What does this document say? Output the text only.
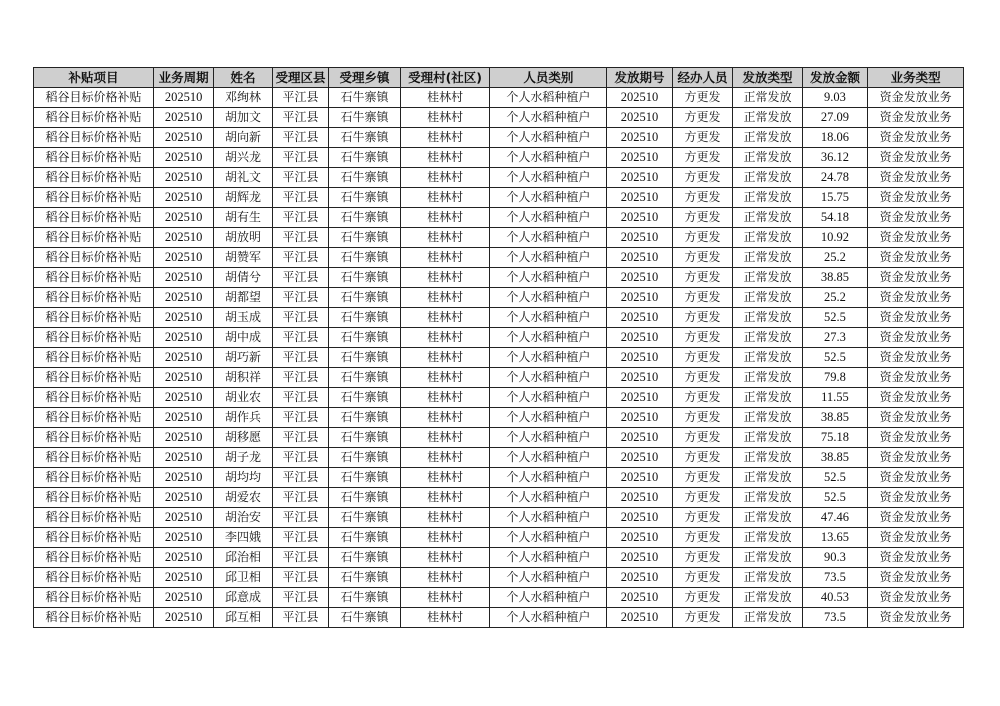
补贴项目	业务周期	姓名	受理区县	受理乡镇	受理村(社区)	人员类别	发放期号	经办人员	发放类型	发放金额	业务类型
稻谷目标价格补贴	202510	邓绚林	平江县	石牛寨镇	桂林村	个人水稻种植户	202510	方更发	正常发放	9.03	资金发放业务
稻谷目标价格补贴	202510	胡加文	平江县	石牛寨镇	桂林村	个人水稻种植户	202510	方更发	正常发放	27.09	资金发放业务
稻谷目标价格补贴	202510	胡向新	平江县	石牛寨镇	桂林村	个人水稻种植户	202510	方更发	正常发放	18.06	资金发放业务
稻谷目标价格补贴	202510	胡兴龙	平江县	石牛寨镇	桂林村	个人水稻种植户	202510	方更发	正常发放	36.12	资金发放业务
稻谷目标价格补贴	202510	胡礼文	平江县	石牛寨镇	桂林村	个人水稻种植户	202510	方更发	正常发放	24.78	资金发放业务
稻谷目标价格补贴	202510	胡辉龙	平江县	石牛寨镇	桂林村	个人水稻种植户	202510	方更发	正常发放	15.75	资金发放业务
稻谷目标价格补贴	202510	胡有生	平江县	石牛寨镇	桂林村	个人水稻种植户	202510	方更发	正常发放	54.18	资金发放业务
稻谷目标价格补贴	202510	胡放明	平江县	石牛寨镇	桂林村	个人水稻种植户	202510	方更发	正常发放	10.92	资金发放业务
稻谷目标价格补贴	202510	胡赞军	平江县	石牛寨镇	桂林村	个人水稻种植户	202510	方更发	正常发放	25.2	资金发放业务
稻谷目标价格补贴	202510	胡倩兮	平江县	石牛寨镇	桂林村	个人水稻种植户	202510	方更发	正常发放	38.85	资金发放业务
稻谷目标价格补贴	202510	胡都望	平江县	石牛寨镇	桂林村	个人水稻种植户	202510	方更发	正常发放	25.2	资金发放业务
稻谷目标价格补贴	202510	胡玉成	平江县	石牛寨镇	桂林村	个人水稻种植户	202510	方更发	正常发放	52.5	资金发放业务
稻谷目标价格补贴	202510	胡中成	平江县	石牛寨镇	桂林村	个人水稻种植户	202510	方更发	正常发放	27.3	资金发放业务
稻谷目标价格补贴	202510	胡巧新	平江县	石牛寨镇	桂林村	个人水稻种植户	202510	方更发	正常发放	52.5	资金发放业务
稻谷目标价格补贴	202510	胡积祥	平江县	石牛寨镇	桂林村	个人水稻种植户	202510	方更发	正常发放	79.8	资金发放业务
稻谷目标价格补贴	202510	胡业农	平江县	石牛寨镇	桂林村	个人水稻种植户	202510	方更发	正常发放	11.55	资金发放业务
稻谷目标价格补贴	202510	胡作兵	平江县	石牛寨镇	桂林村	个人水稻种植户	202510	方更发	正常发放	38.85	资金发放业务
稻谷目标价格补贴	202510	胡移愿	平江县	石牛寨镇	桂林村	个人水稻种植户	202510	方更发	正常发放	75.18	资金发放业务
稻谷目标价格补贴	202510	胡子龙	平江县	石牛寨镇	桂林村	个人水稻种植户	202510	方更发	正常发放	38.85	资金发放业务
稻谷目标价格补贴	202510	胡均均	平江县	石牛寨镇	桂林村	个人水稻种植户	202510	方更发	正常发放	52.5	资金发放业务
稻谷目标价格补贴	202510	胡爱农	平江县	石牛寨镇	桂林村	个人水稻种植户	202510	方更发	正常发放	52.5	资金发放业务
稻谷目标价格补贴	202510	胡治安	平江县	石牛寨镇	桂林村	个人水稻种植户	202510	方更发	正常发放	47.46	资金发放业务
稻谷目标价格补贴	202510	李四娥	平江县	石牛寨镇	桂林村	个人水稻种植户	202510	方更发	正常发放	13.65	资金发放业务
稻谷目标价格补贴	202510	邱治相	平江县	石牛寨镇	桂林村	个人水稻种植户	202510	方更发	正常发放	90.3	资金发放业务
稻谷目标价格补贴	202510	邱卫相	平江县	石牛寨镇	桂林村	个人水稻种植户	202510	方更发	正常发放	73.5	资金发放业务
稻谷目标价格补贴	202510	邱意成	平江县	石牛寨镇	桂林村	个人水稻种植户	202510	方更发	正常发放	40.53	资金发放业务
稻谷目标价格补贴	202510	邱互相	平江县	石牛寨镇	桂林村	个人水稻种植户	202510	方更发	正常发放	73.5	资金发放业务
